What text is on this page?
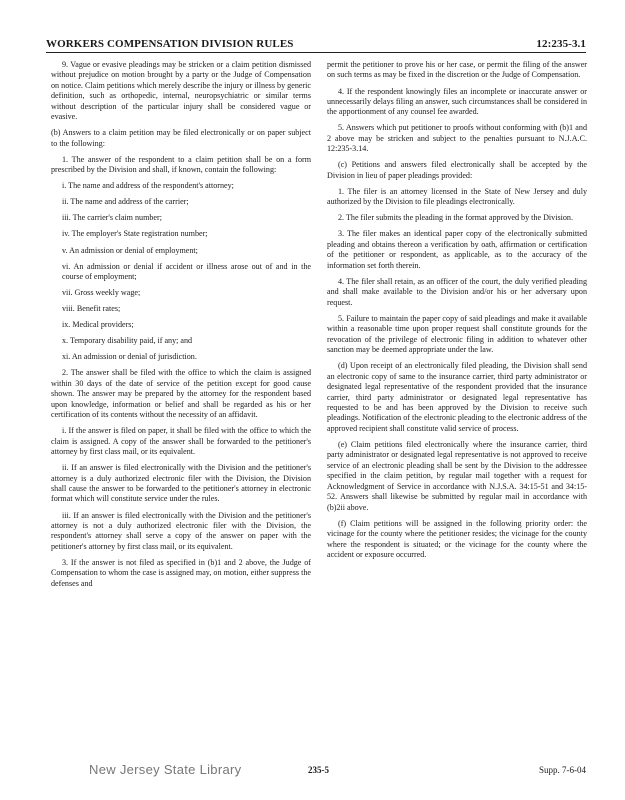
WORKERS COMPENSATION DIVISION RULES	12:235-3.1

9. Vague or evasive pleadings may be stricken or a claim petition dismissed without prejudice on motion brought by a party or the Judge of Compensation on notice. Claim petitions which merely describe the injury or illness by generic definition, such as orthopedic, internal, neuropsychiatric or similar terms without description of the particular injury shall be considered vague or evasive.

(b) Answers to a claim petition may be filed electronically or on paper subject to the following:

1. The answer of the respondent to a claim petition shall be on a form prescribed by the Division and shall, if known, contain the following:

i. The name and address of the respondent's attorney;

ii. The name and address of the carrier;

iii. The carrier's claim number;

iv. The employer's State registration number;

v. An admission or denial of employment;

vi. An admission or denial if accident or illness arose out of and in the course of employment;

vii. Gross weekly wage;

viii. Benefit rates;

ix. Medical providers;

x. Temporary disability paid, if any; and

xi. An admission or denial of jurisdiction.

2. The answer shall be filed with the office to which the claim is assigned within 30 days of the date of service of the petition except for good cause shown. The answer may be prepared by the attorney for the respondent based upon knowledge, information or belief and shall be regarded as his or her certification of its contents without the necessity of an affidavit.

i. If the answer is filed on paper, it shall be filed with the office to which the claim is assigned. A copy of the answer shall be forwarded to the petitioner's attorney by first class mail, or its equivalent.

ii. If an answer is filed electronically with the Division and the petitioner's attorney is a duly authorized electronic filer with the Division, the Division shall cause the answer to be forwarded to the petitioner's attorney in electronic format which will constitute service under the rules.

iii. If an answer is filed electronically with the Division and the petitioner's attorney is not a duly authorized electronic filer with the Division, the respondent's attorney shall serve a copy of the answer on paper with the petitioner's attorney by first class mail, or its equivalent.

3. If the answer is not filed as specified in (b)1 and 2 above, the Judge of Compensation to whom the case is assigned may, on motion, either suppress the defenses and

permit the petitioner to prove his or her case, or permit the filing of the answer on such terms as may be fixed in the discretion or the Judge of Compensation.

4. If the respondent knowingly files an incomplete or inaccurate answer or unnecessarily delays filing an answer, such circumstances shall be considered in the apportionment of any counsel fee awarded.

5. Answers which put petitioner to proofs without conforming with (b)1 and 2 above may be stricken and subject to the penalties pursuant to N.J.A.C. 12:235-3.14.

(c) Petitions and answers filed electronically shall be accepted by the Division in lieu of paper pleadings provided:

1. The filer is an attorney licensed in the State of New Jersey and duly authorized by the Division to file pleadings electronically.

2. The filer submits the pleading in the format approved by the Division.

3. The filer makes an identical paper copy of the electronically submitted pleading and obtains thereon a verification by oath, affirmation or certification of the petitioner or respondent, as applicable, as to the accuracy of the information set forth therein.

4. The filer shall retain, as an officer of the court, the duly verified pleading and shall make available to the Division and/or his or her adversary upon request.

5. Failure to maintain the paper copy of said pleadings and make it available within a reasonable time upon proper request shall constitute grounds for the revocation of the privilege of electronic filing in addition to whatever other sanction may be deemed appropriate under the law.

(d) Upon receipt of an electronically filed pleading, the Division shall send an electronic copy of same to the insurance carrier, third party administrator or designated legal representative of the respondent provided that the insurance carrier, third party administrator or designated legal representative has requested to be and has been approved by the Division to receive such pleadings. Notification of the electronic pleading to the electronic address of the approved recipient shall constitute valid service of process.

(e) Claim petitions filed electronically where the insurance carrier, third party administrator or designated legal representative is not approved to receive service of an electronic pleading shall be sent by the Division to the addressee specified in the claim petition, by regular mail together with a request for Acknowledgment of Service in accordance with N.J.S.A. 34:15-51 and 34:15-52. Answers shall likewise be submitted by regular mail in accordance with (b)2ii above.

(f) Claim petitions will be assigned in the following priority order: the vicinage for the county where the petitioner resides; the vicinage for the county where the respondent is situated; or the vicinage for the county where the accident or exposure occurred.

New Jersey State Library	235-5	Supp. 7-6-04
